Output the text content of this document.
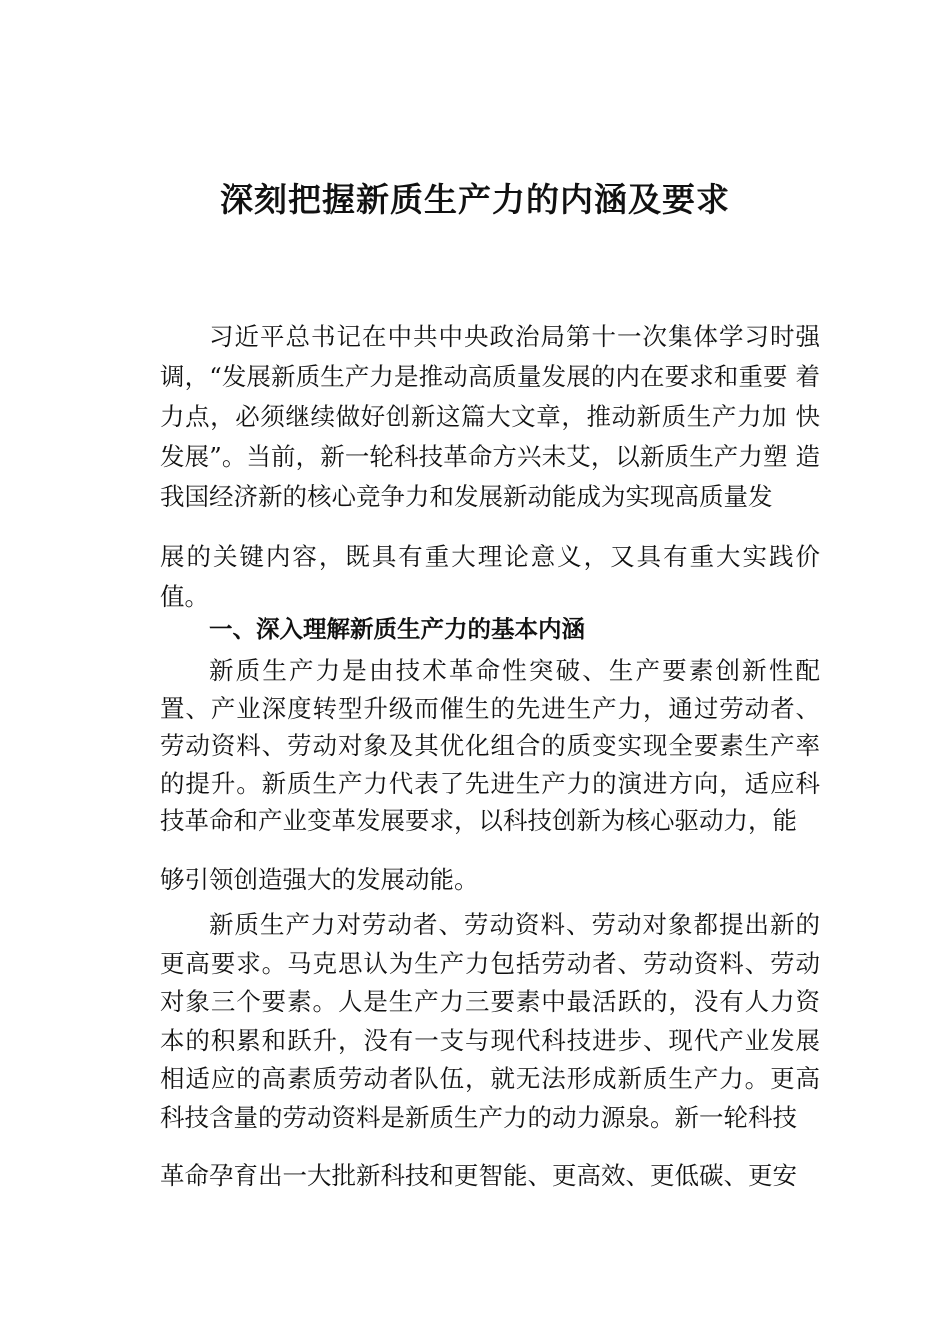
深刻把握新质生产力的内涵及要求

习近平总书记在中共中央政治局第十一次集体学习时强调，“发展新质生产力是推动高质量发展的内在要求和重要 着力点，必须继续做好创新这篇大文章，推动新质生产力加 快发展”。当前，新一轮科技革命方兴未艾，以新质生产力塑 造我国经济新的核心竞争力和发展新动能成为实现高质量发

展的关键内容，既具有重大理论意义，又具有重大实践价值。

一、深入理解新质生产力的基本内涵

新质生产力是由技术革命性突破、生产要素创新性配置、产业深度转型升级而催生的先进生产力，通过劳动者、劳动资料、劳动对象及其优化组合的质变实现全要素生产率的提升。新质生产力代表了先进生产力的演进方向，适应科技革命和产业变革发展要求，以科技创新为核心驱动力，能

够引领创造强大的发展动能。

新质生产力对劳动者、劳动资料、劳动对象都提出新的更高要求。马克思认为生产力包括劳动者、劳动资料、劳动对象三个要素。人是生产力三要素中最活跃的，没有人力资本的积累和跃升，没有一支与现代科技进步、现代产业发展相适应的高素质劳动者队伍，就无法形成新质生产力。更高科技含量的劳动资料是新质生产力的动力源泉。新一轮科技

革命孕育出一大批新科技和更智能、更高效、更低碳、更安
